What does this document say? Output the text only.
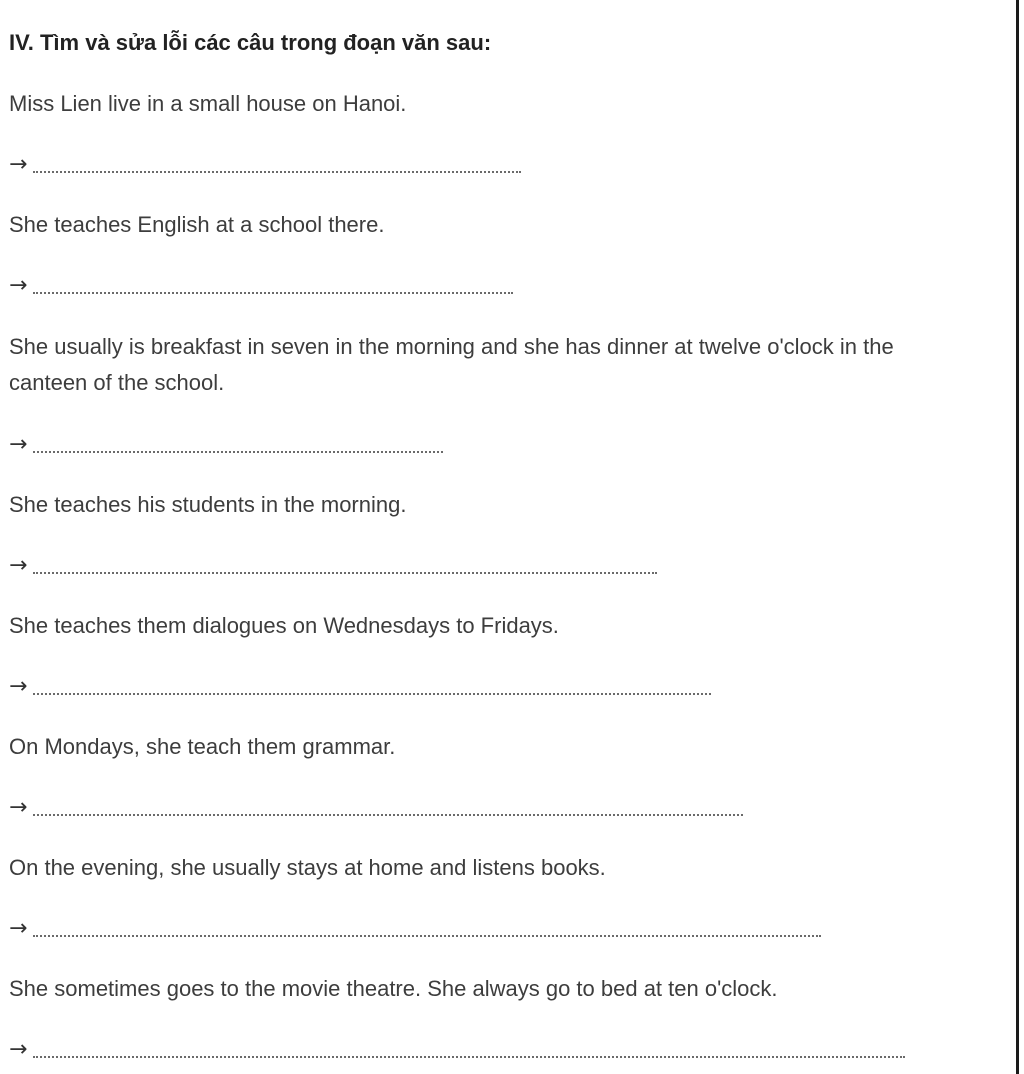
IV. Tìm và sửa lỗi các câu trong đoạn văn sau:
Miss Lien live in a small house on Hanoi.
→
She teaches English at a school there.
→
She usually is breakfast in seven in the morning and she has dinner at twelve o'clock in the canteen of the school.
→
She teaches his students in the morning.
→
She teaches them dialogues on Wednesdays to Fridays.
→
On Mondays, she teach them grammar.
→
On the evening, she usually stays at home and listens books.
→
She sometimes goes to the movie theatre. She always go to bed at ten o'clock.
→
